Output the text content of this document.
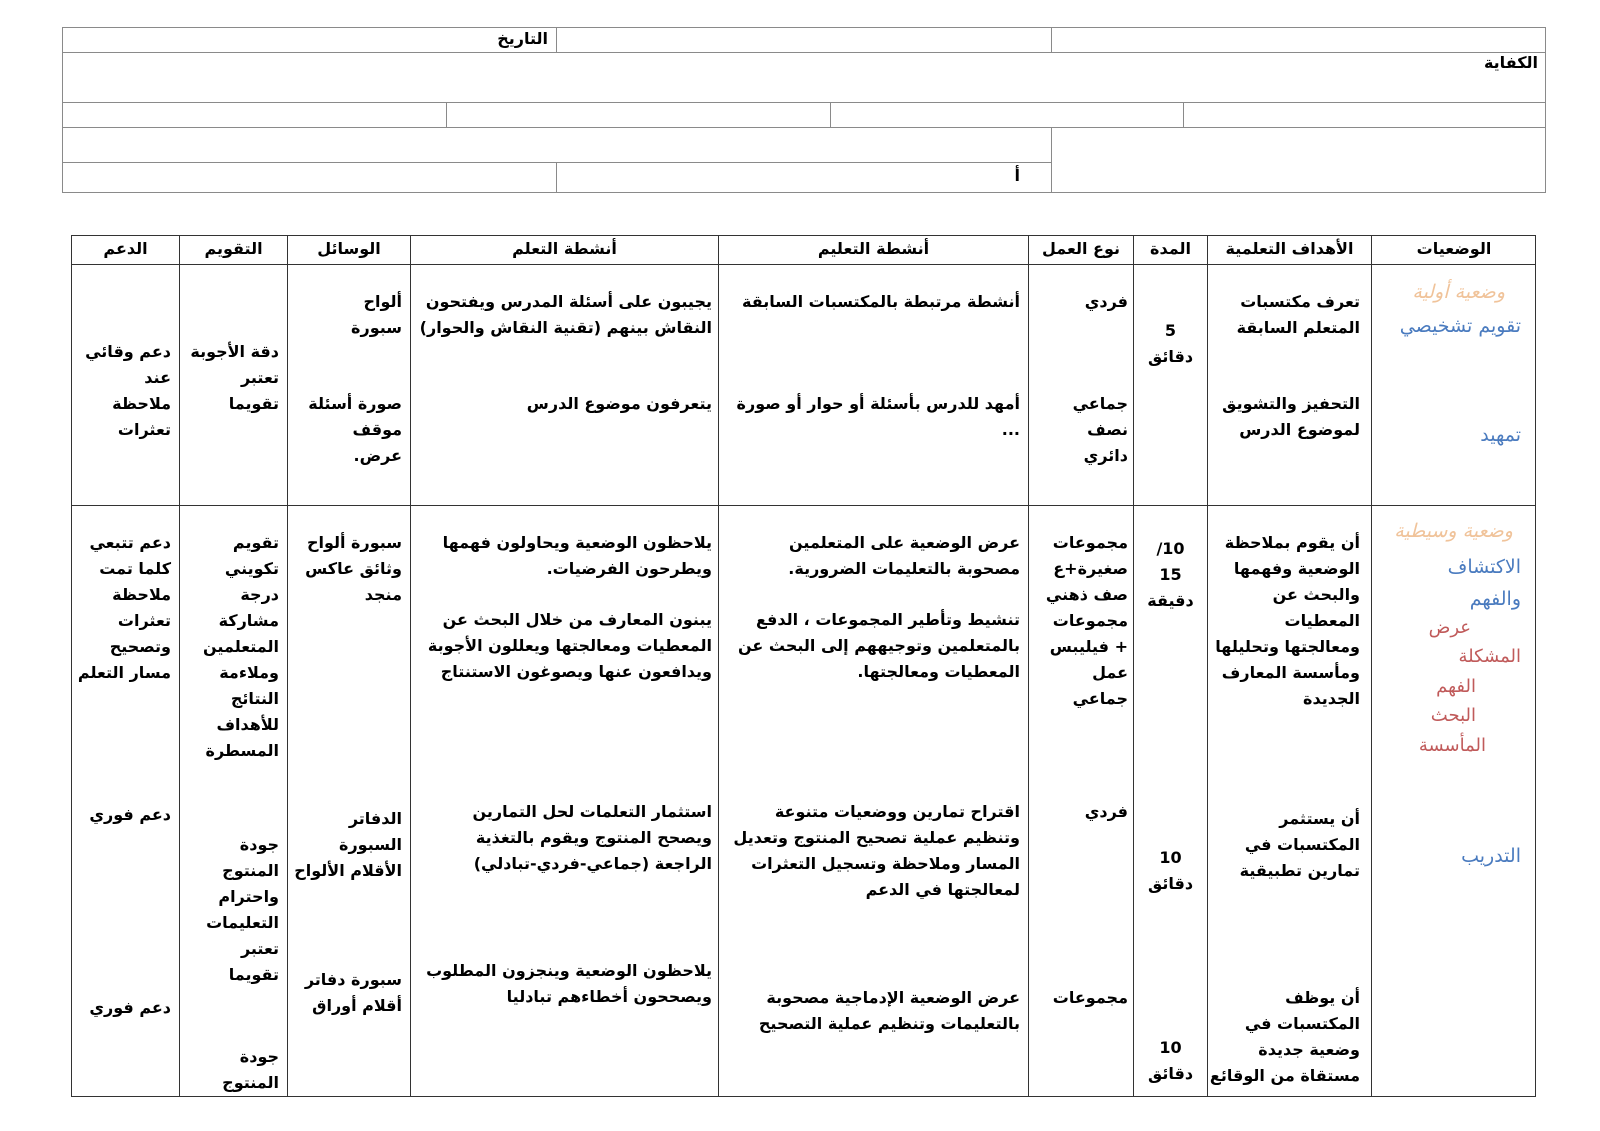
التاريخ
الكفاية
أ
الوضعيات
الأهداف التعلمية
المدة
نوع العمل
أنشطة التعليم
أنشطة التعلم
الوسائل
التقويم
الدعم
وضعية أولية
تقويم تشخيصي
تمهيد
تعرف مكتسبات
المتعلم السابقة
التحفيز والتشويق
لموضوع الدرس
5
دقائق
فردي
جماعي
نصف
دائري
أنشطة مرتبطة بالمكتسبات السابقة
أمهد للدرس بأسئلة أو حوار أو صورة
...
يجيبون على أسئلة المدرس ويفتحون
النقاش بينهم (تقنية النقاش والحوار)
يتعرفون موضوع الدرس
ألواح
سبورة
صورة أسئلة
موقف
عرض.
دقة الأجوبة
تعتبر
تقويما
دعم وقائي
عند
ملاحظة
تعثرات
وضعية وسيطية
الاكتشاف
والفهم
عرض
المشكلة
الفهم
البحث
المأسسة
التدريب
أن يقوم بملاحظة
الوضعية وفهمها
والبحث عن
المعطيات
ومعالجتها وتحليلها
ومأسسة المعارف
الجديدة
أن يستثمر
المكتسبات في
تمارين تطبيقية
أن يوظف
المكتسبات في
وضعية جديدة
مستقاة من الوقائع
10/
15
دقيقة
10
دقائق
10
دقائق
مجموعات
صغيرة+ع
صف ذهني
مجموعات
+ فيليبس
عمل
جماعي
فردي
مجموعات
عرض الوضعية على المتعلمين
مصحوبة بالتعليمات الضرورية.
تنشيط وتأطير المجموعات ، الدفع
بالمتعلمين وتوجيههم إلى البحث عن
المعطيات ومعالجتها.
اقتراح تمارين ووضعيات متنوعة
وتنظيم عملية تصحيح المنتوج وتعديل
المسار وملاحظة وتسجيل التعثرات
لمعالجتها في الدعم
عرض الوضعية الإدماجية مصحوبة
بالتعليمات وتنظيم عملية التصحيح
يلاحظون الوضعية ويحاولون فهمها
ويطرحون الفرضيات.
يبنون المعارف من خلال البحث عن
المعطيات ومعالجتها ويعللون الأجوبة
ويدافعون عنها ويصوغون الاستنتاج
استثمار التعلمات لحل التمارين
ويصحح المنتوج ويقوم بالتغذية
الراجعة (جماعي-فردي-تبادلي)
يلاحظون الوضعية وينجزون المطلوب
ويصححون أخطاءهم تبادليا
سبورة ألواح
وثائق عاكس
منجد
الدفاتر
السبورة
الأقلام الألواح
سبورة دفاتر
أقلام أوراق
تقويم
تكويني
درجة
مشاركة
المتعلمين
وملاءمة
النتائج
للأهداف
المسطرة
جودة
المنتوج
واحترام
التعليمات
تعتبر
تقويما
جودة
المنتوج
دعم تتبعي
كلما تمت
ملاحظة
تعثرات
وتصحيح
مسار التعلم
دعم فوري
دعم فوري
